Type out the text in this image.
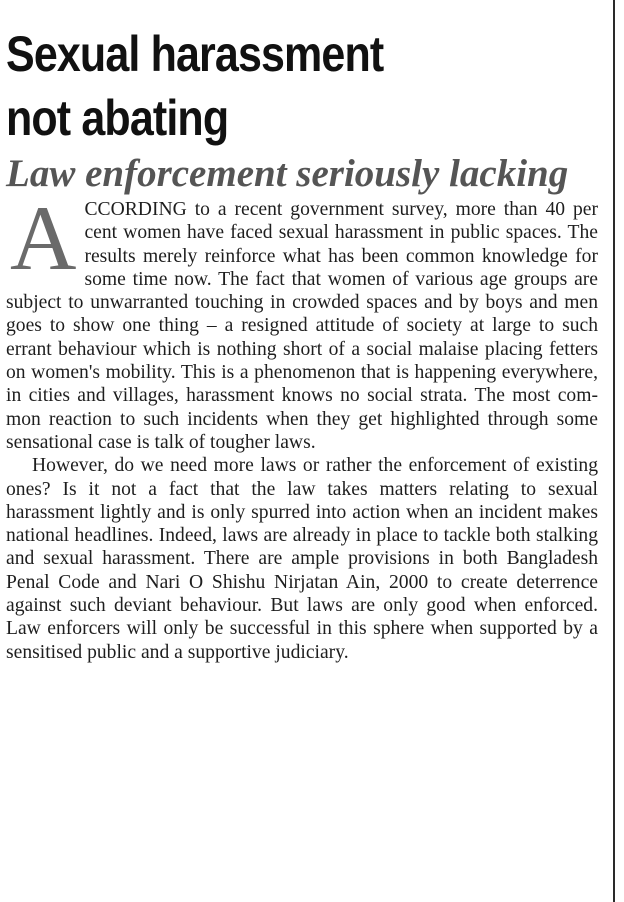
Sexual harassment
not abating
Law enforcement seriously lacking

A CCORDING to a recent government survey, more than 40 per cent women have faced sexual harassment in public spaces. The results merely reinforce what has been common knowledge for some time now. The fact that women of various age groups are subject to unwarranted touching in crowded spaces and by boys and men goes to show one thing – a resigned attitude of society at large to such errant behaviour which is nothing short of a social malaise placing fetters on women's mobility. This is a phenomenon that is happening everywhere, in cities and villages, harassment knows no social strata. The most common reaction to such incidents when they get highlighted through some sensational case is talk of tougher laws.

However, do we need more laws or rather the enforcement of existing ones? Is it not a fact that the law takes matters relating to sexual harassment lightly and is only spurred into action when an incident makes national headlines. Indeed, laws are already in place to tackle both stalking and sexual harassment. There are ample provisions in both Bangladesh Penal Code and Nari O Shishu Nirjatan Ain, 2000 to create deterrence against such deviant behaviour. But laws are only good when enforced. Law enforcers will only be successful in this sphere when supported by a sensitised public and a supportive judiciary.
